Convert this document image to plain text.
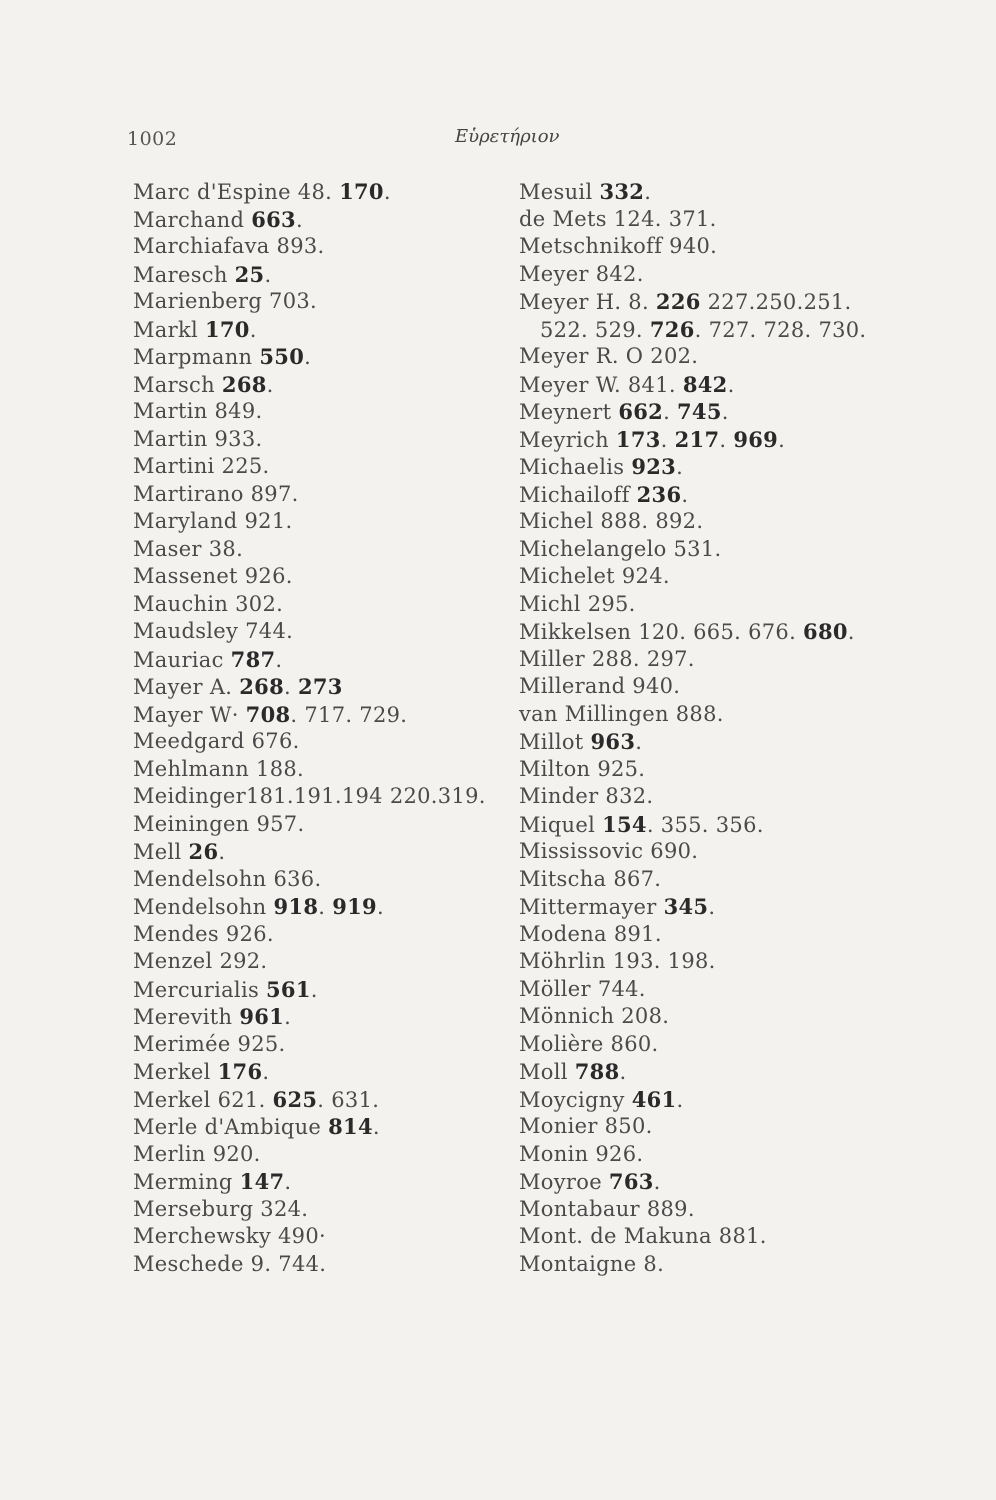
1002	Εὑρετήριον
Marc d'Espine 48. 170.
Marchand 663.
Marchiafava 893.
Maresch 25.
Marienberg 703.
Markl 170.
Marpmann 550.
Marsch 268.
Martin 849.
Martin 933.
Martini 225.
Martirano 897.
Maryland 921.
Maser 38.
Massenet 926.
Mauchin 302.
Maudsley 744.
Mauriac 787.
Mayer A. 268. 273
Mayer W· 708. 717. 729.
Meedgard 676.
Mehlmann 188.
Meidinger181.191.194 220.319.
Meiningen 957.
Mell 26.
Mendelsohn 636.
Mendelsohn 918. 919.
Mendes 926.
Menzel 292.
Mercurialis 561.
Merevith 961.
Merimée 925.
Merkel 176.
Merkel 621. 625. 631.
Merle d'Ambique 814.
Merlin 920.
Merming 147.
Merseburg 324.
Merchewsky 490·
Meschede 9. 744.
Mesuil 332.
de Mets 124. 371.
Metschnikoff 940.
Meyer 842.
Meyer H. 8. 226 227.250.251.
522. 529. 726. 727. 728. 730.
Meyer R. O 202.
Meyer W. 841. 842.
Meynert 662. 745.
Meyrich 173. 217. 969.
Michaelis 923.
Michailoff 236.
Michel 888. 892.
Michelangelo 531.
Michelet 924.
Michl 295.
Mikkelsen 120. 665. 676. 680.
Miller 288. 297.
Millerand 940.
van Millingen 888.
Millot 963.
Milton 925.
Minder 832.
Miquel 154. 355. 356.
Mississovic 690.
Mitscha 867.
Mittermayer 345.
Modena 891.
Möhrlin 193. 198.
Möller 744.
Mönnich 208.
Molière 860.
Moll 788.
Moycigny 461.
Monier 850.
Monin 926.
Moyroe 763.
Montabaur 889.
Mont. de Makuna 881.
Montaigne 8.
